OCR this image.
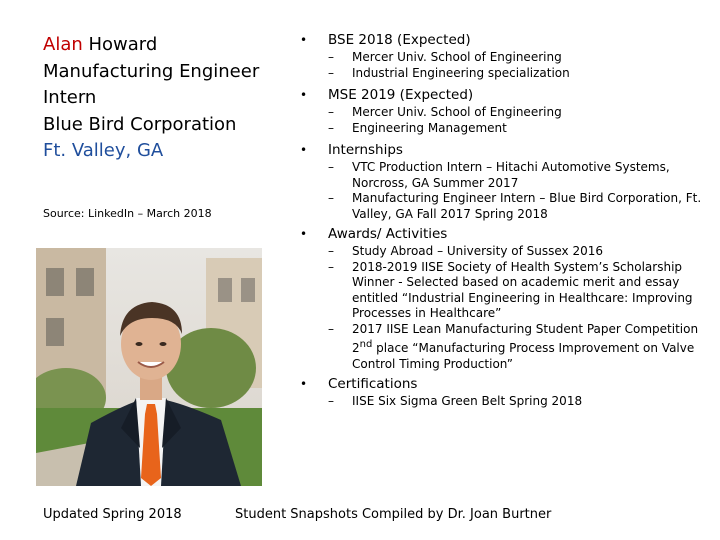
Alan Howard
Manufacturing Engineer
Intern
Blue Bird Corporation
Ft. Valley, GA
Source: LinkedIn – March 2018
Updated Spring 2018	Student Snapshots Compiled by Dr. Joan Burtner
• BSE 2018 (Expected)
– Mercer Univ. School of Engineering
– Industrial Engineering specialization
• MSE 2019 (Expected)
– Mercer Univ. School of Engineering
– Engineering Management
• Internships
– VTC Production Intern – Hitachi Automotive Systems, Norcross, GA Summer 2017
– Manufacturing Engineer Intern – Blue Bird Corporation, Ft. Valley, GA Fall 2017 Spring 2018
• Awards/ Activities
– Study Abroad – University of Sussex 2016
– 2018-2019 IISE Society of Health System’s Scholarship Winner - Selected based on academic merit and essay entitled “Industrial Engineering in Healthcare: Improving Processes in Healthcare”
– 2017 IISE Lean Manufacturing Student Paper Competition 2nd place “Manufacturing Process Improvement on Valve Control Timing Production”
• Certifications
– IISE Six Sigma Green Belt Spring 2018
